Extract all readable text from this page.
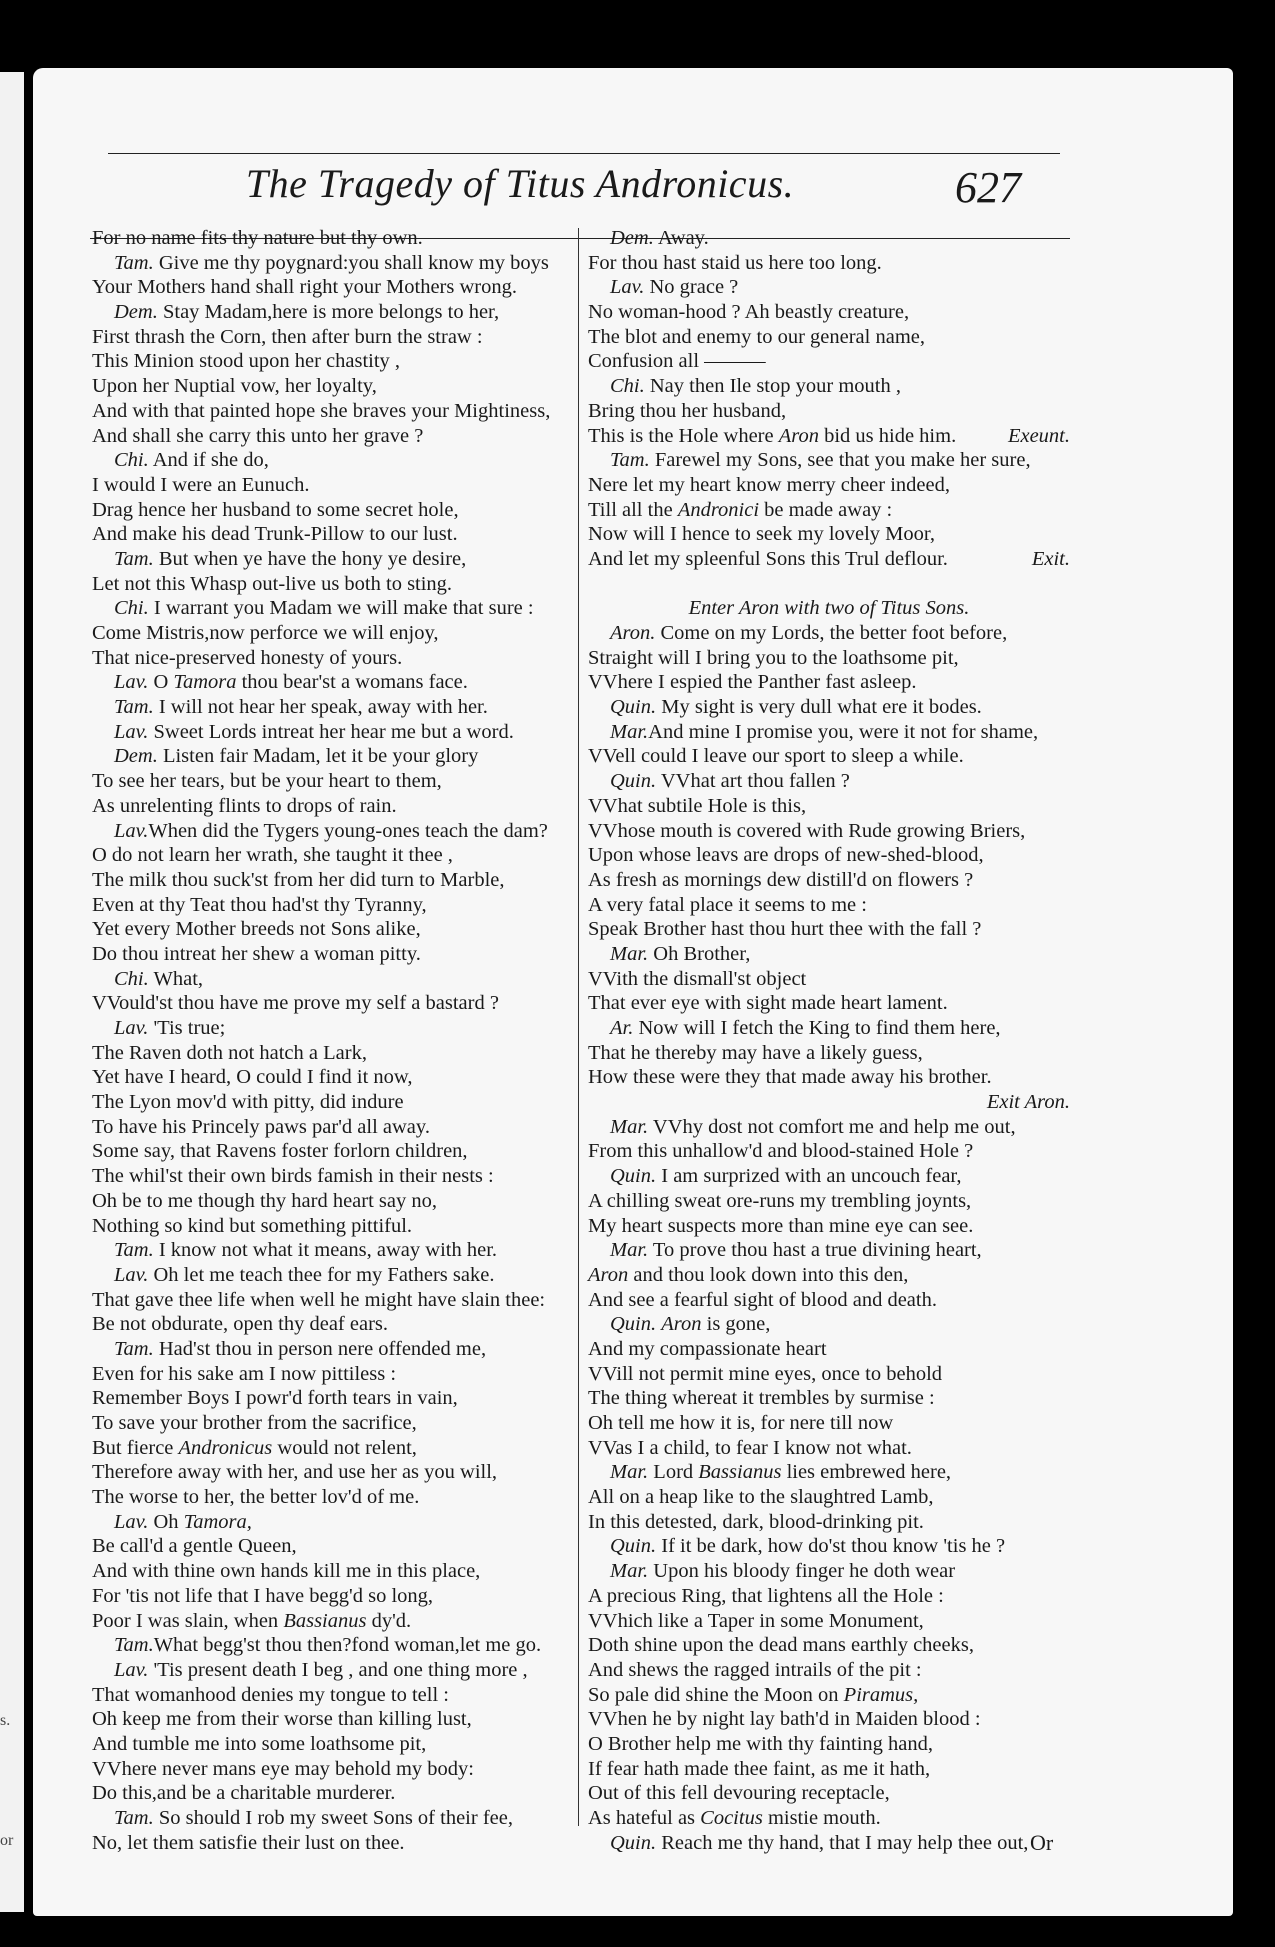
s.
or
The Tragedy of Titus Andronicus.	627
For no name fits thy nature but thy own.
Tam. Give me thy poygnard:you shall know my boys
Your Mothers hand shall right your Mothers wrong.
Dem. Stay Madam,here is more belongs to her,
First thrash the Corn, then after burn the straw :
This Minion stood upon her chastity ,
Upon her Nuptial vow, her loyalty,
And with that painted hope she braves your Mightiness,
And shall she carry this unto her grave ?
Chi. And if she do,
I would I were an Eunuch.
Drag hence her husband to some secret hole,
And make his dead Trunk-Pillow to our lust.
Tam. But when ye have the hony ye desire,
Let not this Whasp out-live us both to sting.
Chi. I warrant you Madam we will make that sure :
Come Mistris,now perforce we will enjoy,
That nice-preserved honesty of yours.
Lav. O Tamora thou bear'st a womans face.
Tam. I will not hear her speak, away with her.
Lav. Sweet Lords intreat her hear me but a word.
Dem. Listen fair Madam, let it be your glory
To see her tears, but be your heart to them,
As unrelenting flints to drops of rain.
Lav.When did the Tygers young-ones teach the dam?
O do not learn her wrath, she taught it thee ,
The milk thou suck'st from her did turn to Marble,
Even at thy Teat thou had'st thy Tyranny,
Yet every Mother breeds not Sons alike,
Do thou intreat her shew a woman pitty.
Chi. What,
VVould'st thou have me prove my self a bastard ?
Lav. 'Tis true;
The Raven doth not hatch a Lark,
Yet have I heard, O could I find it now,
The Lyon mov'd with pitty, did indure
To have his Princely paws par'd all away.
Some say, that Ravens foster forlorn children,
The whil'st their own birds famish in their nests :
Oh be to me though thy hard heart say no,
Nothing so kind but something pittiful.
Tam. I know not what it means, away with her.
Lav. Oh let me teach thee for my Fathers sake.
That gave thee life when well he might have slain thee:
Be not obdurate, open thy deaf ears.
Tam. Had'st thou in person nere offended me,
Even for his sake am I now pittiless :
Remember Boys I powr'd forth tears in vain,
To save your brother from the sacrifice,
But fierce Andronicus would not relent,
Therefore away with her, and use her as you will,
The worse to her, the better lov'd of me.
Lav. Oh Tamora,
Be call'd a gentle Queen,
And with thine own hands kill me in this place,
For 'tis not life that I have begg'd so long,
Poor I was slain, when Bassianus dy'd.
Tam.What begg'st thou then?fond woman,let me go.
Lav. 'Tis present death I beg , and one thing more ,
That womanhood denies my tongue to tell :
Oh keep me from their worse than killing lust,
And tumble me into some loathsome pit,
VVhere never mans eye may behold my body:
Do this,and be a charitable murderer.
Tam. So should I rob my sweet Sons of their fee,
No, let them satisfie their lust on thee.
Dem. Away.
For thou hast staid us here too long.
Lav. No grace ?
No woman-hood ? Ah beastly creature,
The blot and enemy to our general name,
Confusion all ———
Chi. Nay then Ile stop your mouth ,
Bring thou her husband,
This is the Hole where Aron bid us hide him.	Exeunt.
Tam. Farewel my Sons, see that you make her sure,
Nere let my heart know merry cheer indeed,
Till all the Andronici be made away :
Now will I hence to seek my lovely Moor,
And let my spleenful Sons this Trul deflour.	Exit.
Enter Aron with two of Titus Sons.
Aron. Come on my Lords, the better foot before,
Straight will I bring you to the loathsome pit,
VVhere I espied the Panther fast asleep.
Quin. My sight is very dull what ere it bodes.
Mar.And mine I promise you, were it not for shame,
VVell could I leave our sport to sleep a while.
Quin. VVhat art thou fallen ?
VVhat subtile Hole is this,
VVhose mouth is covered with Rude growing Briers,
Upon whose leavs are drops of new-shed-blood,
As fresh as mornings dew distill'd on flowers ?
A very fatal place it seems to me :
Speak Brother hast thou hurt thee with the fall ?
Mar. Oh Brother,
VVith the dismall'st object
That ever eye with sight made heart lament.
Ar. Now will I fetch the King to find them here,
That he thereby may have a likely guess,
How these were they that made away his brother.
Exit Aron.
Mar. VVhy dost not comfort me and help me out,
From this unhallow'd and blood-stained Hole ?
Quin. I am surprized with an uncouch fear,
A chilling sweat ore-runs my trembling joynts,
My heart suspects more than mine eye can see.
Mar. To prove thou hast a true divining heart,
Aron and thou look down into this den,
And see a fearful sight of blood and death.
Quin. Aron is gone,
And my compassionate heart
VVill not permit mine eyes, once to behold
The thing whereat it trembles by surmise :
Oh tell me how it is, for nere till now
VVas I a child, to fear I know not what.
Mar. Lord Bassianus lies embrewed here,
All on a heap like to the slaughtred Lamb,
In this detested, dark, blood-drinking pit.
Quin. If it be dark, how do'st thou know 'tis he ?
Mar. Upon his bloody finger he doth wear
A precious Ring, that lightens all the Hole :
VVhich like a Taper in some Monument,
Doth shine upon the dead mans earthly cheeks,
And shews the ragged intrails of the pit :
So pale did shine the Moon on Piramus,
VVhen he by night lay bath'd in Maiden blood :
O Brother help me with thy fainting hand,
If fear hath made thee faint, as me it hath,
Out of this fell devouring receptacle,
As hateful as Cocitus mistie mouth.
Quin. Reach me thy hand, that I may help thee out, Or
